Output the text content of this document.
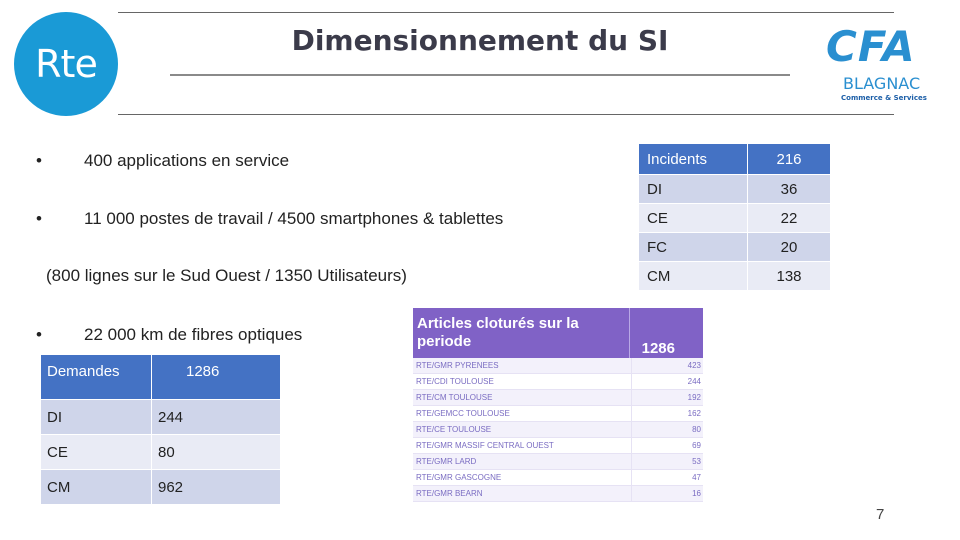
Rte
Dimensionnement du SI	CFA
BLAGNAC
Commerce & Services
• 400 applications en service
• 11 000 postes de travail / 4500 smartphones & tablettes
(800 lignes sur le Sud Ouest / 1350 Utilisateurs)
• 22 000 km de fibres optiques
Incidents	216
DI	36
CE	22
FC	20
CM	138
Demandes	1286
DI	244
CE	80
CM	962
Articles cloturés sur la periode	1286
RTE/GMR PYRENEES	423
RTE/CDI TOULOUSE	244
RTE/CM TOULOUSE	192
RTE/GEMCC TOULOUSE	162
RTE/CE TOULOUSE	80
RTE/GMR MASSIF CENTRAL OUEST	69
RTE/GMR LARD	53
RTE/GMR GASCOGNE	47
RTE/GMR BEARN	16
7
